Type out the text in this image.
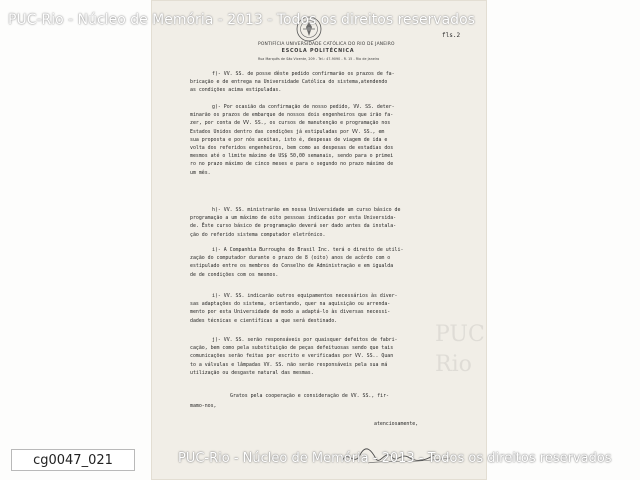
PUC
Rio
PONTIFÍCIA UNIVERSIDADE CATÓLICA DO RIO DE JANEIRO
ESCOLA POLITÉCNICA
Rua Marquês de São Vicente, 209 - Tel.: 47-9090 - R. 15 - Rio de Janeiro
fls.2
f)- VV. SS. de posse dêste pedido confirmarão os prazos de fa-
bricação e de entrega na Universidade Católica do sistema,atendendo
as condições acima estipuladas.
g)- Por ocasião da confirmação de nosso pedido, VV. SS. deter-
minarão os prazos de embarque de nossos dois engenheiros que irão fa-
zer, por conta de VV. SS., os cursos de manutenção e programação nos
Estados Unidos dentro das condições já estipuladas por VV. SS., em
sua proposta e por nós aceitas, isto é, despesas de viagem de ida e
volta dos referidos engenheiros, bem como as despesas de estadias dos
mesmos até o limite máximo de US$ 50,00 semanais, sendo para o primei
ro no prazo máximo de cinco meses e para o segundo no prazo máximo de
um mês.
h)- VV. SS. ministrarão em nossa Universidade um curso básico de
programação a um máximo de oito pessoas indicadas por esta Universida-
de. Êste curso básico de programação deverá ser dado antes da instala-
ção do referido sistema computador eletrônico.
i)- A Companhia Burroughs do Brasil Inc. terá o direito de utili-
zação do computador durante o prazo de 8 (oito) anos de acôrdo com o
estipulado entre os membros do Conselho de Administração e em igualda
de de condições com os mesmos.
i)- VV. SS. indicarão outros equipamentos necessários às diver-
sas adaptações do sistema, orientando, quer na aquisição ou arrenda-
mento por esta Universidade de modo a adaptá-lo às diversas necessi-
dades técnicas e científicas a que será destinado.
j)- VV. SS. serão responsáveis por quaisquer defeitos de fabri-
cação, bem como pela substituição de peças defeituosas sendo que tais
comunicações serão feitas por escrito e verificadas por VV. SS.. Quan
to a válvulas e lâmpadas VV. SS. não serão responsáveis pela sua má
utilização ou desgaste natural das mesmas.
Gratos pela cooperação e consideração de VV. SS., fir-
mamo-nos,
atenciosamente,
PUC-Rio - Núcleo de Memória - 2013 - Todos os direitos reservados
PUC-Rio - Núcleo de Memória - 2013 - Todos os direitos reservados
cg0047_021
